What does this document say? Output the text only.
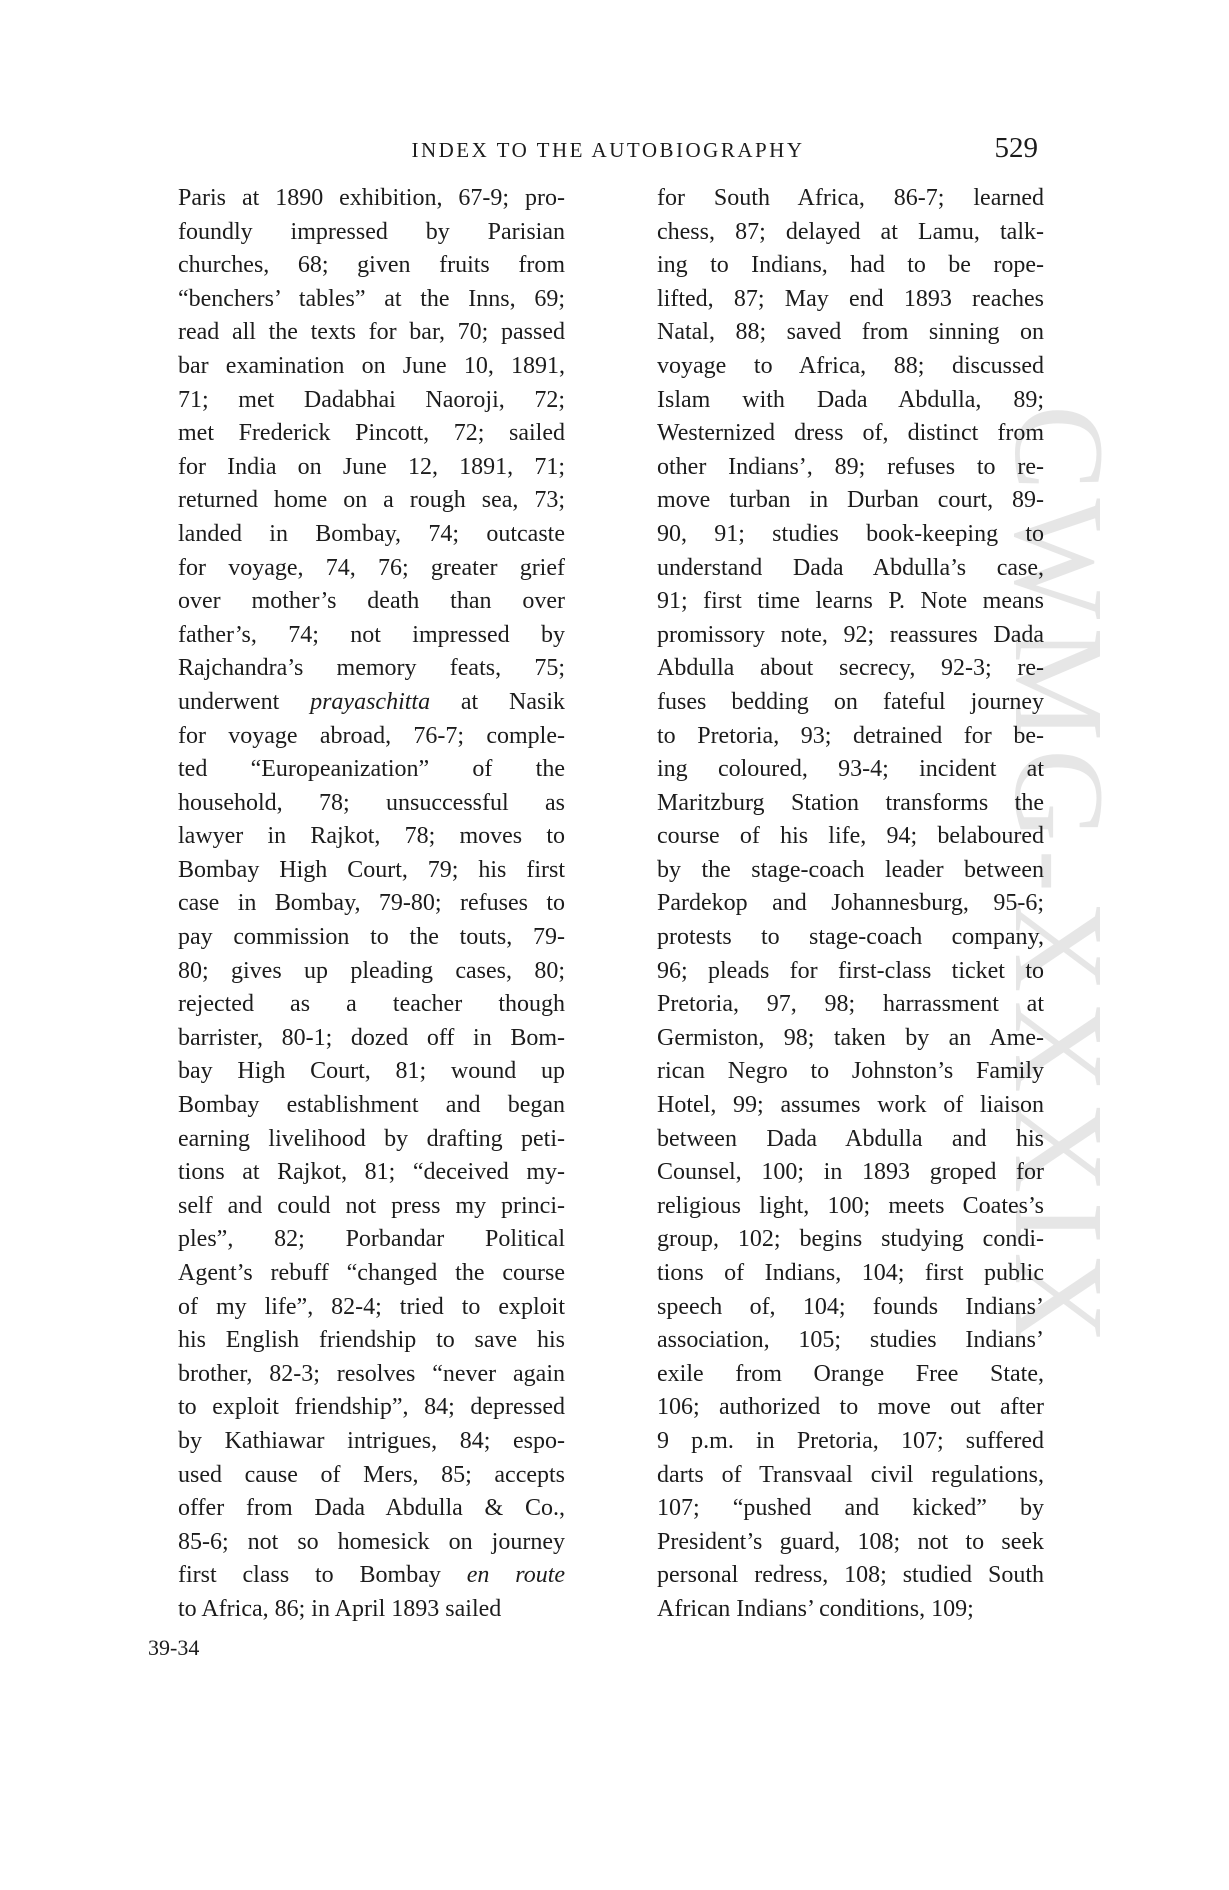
CWMG-XXXIX
INDEX TO THE AUTOBIOGRAPHY	529
Paris at 1890 exhibition, 67-9; pro-
foundly impressed by Parisian
churches, 68; given fruits from
“benchers’ tables” at the Inns, 69;
read all the texts for bar, 70; passed
bar examination on June 10, 1891,
71; met Dadabhai Naoroji, 72;
met Frederick Pincott, 72; sailed
for India on June 12, 1891, 71;
returned home on a rough sea, 73;
landed in Bombay, 74; outcaste
for voyage, 74, 76; greater grief
over mother’s death than over
father’s, 74; not impressed by
Rajchandra’s memory feats, 75;
underwent prayaschitta at Nasik
for voyage abroad, 76-7; comple-
ted “Europeanization” of the
household, 78; unsuccessful as
lawyer in Rajkot, 78; moves to
Bombay High Court, 79; his first
case in Bombay, 79-80; refuses to
pay commission to the touts, 79-
80; gives up pleading cases, 80;
rejected as a teacher though
barrister, 80-1; dozed off in Bom-
bay High Court, 81; wound up
Bombay establishment and began
earning livelihood by drafting peti-
tions at Rajkot, 81; “deceived my-
self and could not press my princi-
ples”, 82; Porbandar Political
Agent’s rebuff “changed the course
of my life”, 82-4; tried to exploit
his English friendship to save his
brother, 82-3; resolves “never again
to exploit friendship”, 84; depressed
by Kathiawar intrigues, 84; espo-
used cause of Mers, 85; accepts
offer from Dada Abdulla & Co.,
85-6; not so homesick on journey
first class to Bombay en route
to Africa, 86; in April 1893 sailed
for South Africa, 86-7; learned
chess, 87; delayed at Lamu, talk-
ing to Indians, had to be rope-
lifted, 87; May end 1893 reaches
Natal, 88; saved from sinning on
voyage to Africa, 88; discussed
Islam with Dada Abdulla, 89;
Westernized dress of, distinct from
other Indians’, 89; refuses to re-
move turban in Durban court, 89-
90, 91; studies book-keeping to
understand Dada Abdulla’s case,
91; first time learns P. Note means
promissory note, 92; reassures Dada
Abdulla about secrecy, 92-3; re-
fuses bedding on fateful journey
to Pretoria, 93; detrained for be-
ing coloured, 93-4; incident at
Maritzburg Station transforms the
course of his life, 94; belaboured
by the stage-coach leader between
Pardekop and Johannesburg, 95-6;
protests to stage-coach company,
96; pleads for first-class ticket to
Pretoria, 97, 98; harrassment at
Germiston, 98; taken by an Ame-
rican Negro to Johnston’s Family
Hotel, 99; assumes work of liaison
between Dada Abdulla and his
Counsel, 100; in 1893 groped for
religious light, 100; meets Coates’s
group, 102; begins studying condi-
tions of Indians, 104; first public
speech of, 104; founds Indians’
association, 105; studies Indians’
exile from Orange Free State,
106; authorized to move out after
9 p.m. in Pretoria, 107; suffered
darts of Transvaal civil regulations,
107; “pushed and kicked” by
President’s guard, 108; not to seek
personal redress, 108; studied South
African Indians’ conditions, 109;
39-34
